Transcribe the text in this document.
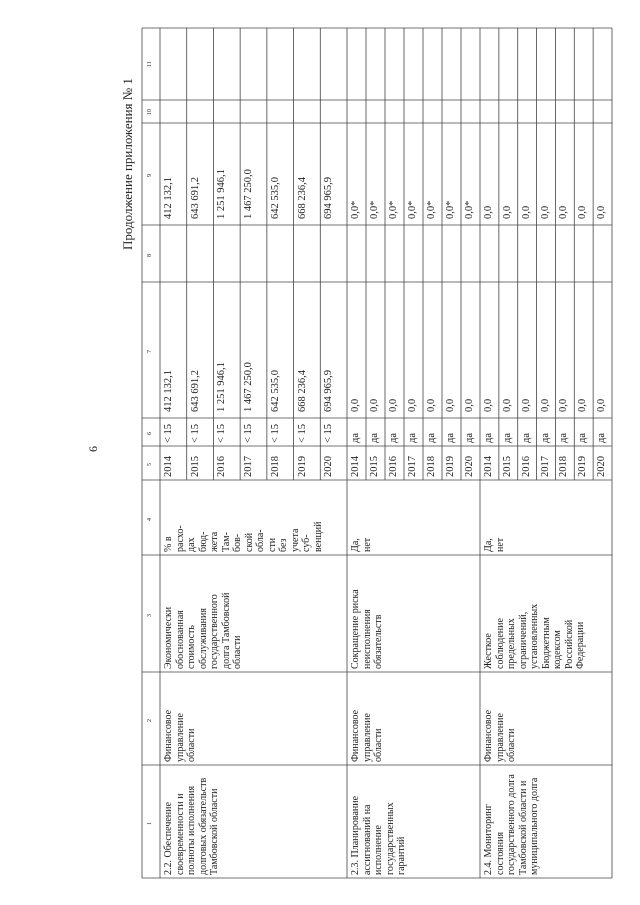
6
Продолжение приложения № 1
1
2
3
4
5
6
7
8
9
10
11
2.2. Обеспечение своевременности и полноты исполнения долговых обязательств Тамбовской области
Финансовое управление области
Экономически обоснованная стоимость обслуживания государственного долга Тамбовской области
% в расхо- дах бюд- жета Там- бов- ской обла- сти без учета суб- венций
2014
< 15
412 132,1
412 132,1
2015
< 15
643 691,2
643 691,2
2016
< 15
1 251 946,1
1 251 946,1
2017
< 15
1 467 250,0
1 467 250,0
2018
< 15
642 535,0
642 535,0
2019
< 15
668 236,4
668 236,4
2020
< 15
694 965,9
694 965,9
2.3. Планирование ассигнований на исполнение государственных гарантий
Финансовое управление области
Сокращение риска неисполнения обязательств
Да, нет
2014
да
0,0
0,0*
2015
да
0,0
0,0*
2016
да
0,0
0,0*
2017
да
0,0
0,0*
2018
да
0,0
0,0*
2019
да
0,0
0,0*
2020
да
0,0
0,0*
2.4. Мониторинг состояния государственного долга Тамбовской области и муниципального долга
Финансовое управление области
Жесткое соблюдение предельных ограничений, установленных Бюджетным кодексом Российской Федерации
Да, нет
2014
да
0,0
0,0
2015
да
0,0
0,0
2016
да
0,0
0,0
2017
да
0,0
0,0
2018
да
0,0
0,0
2019
да
0,0
0,0
2020
да
0,0
0,0
